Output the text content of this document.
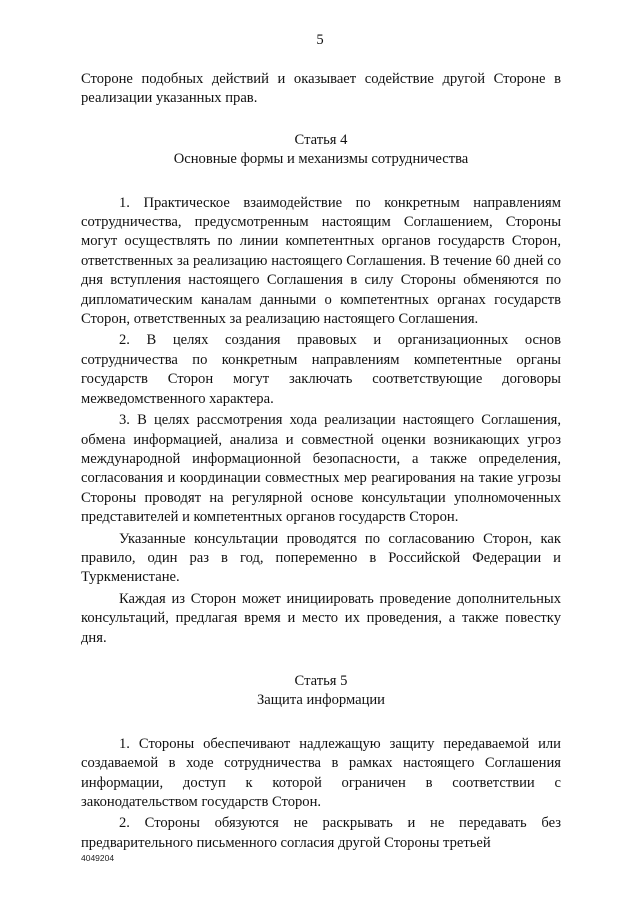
5

Стороне подобных действий и оказывает содействие другой Стороне в реализации указанных прав.

Статья 4
Основные формы и механизмы сотрудничества

1. Практическое взаимодействие по конкретным направлениям сотрудничества, предусмотренным настоящим Соглашением, Стороны могут осуществлять по линии компетентных органов государств Сторон, ответственных за реализацию настоящего Соглашения. В течение 60 дней со дня вступления настоящего Соглашения в силу Стороны обменяются по дипломатическим каналам данными о компетентных органах государств Сторон, ответственных за реализацию настоящего Соглашения.

2. В целях создания правовых и организационных основ сотрудничества по конкретным направлениям компетентные органы государств Сторон могут заключать соответствующие договоры межведомственного характера.

3. В целях рассмотрения хода реализации настоящего Соглашения, обмена информацией, анализа и совместной оценки возникающих угроз международной информационной безопасности, а также определения, согласования и координации совместных мер реагирования на такие угрозы Стороны проводят на регулярной основе консультации уполномоченных представителей и компетентных органов государств Сторон.

Указанные консультации проводятся по согласованию Сторон, как правило, один раз в год, попеременно в Российской Федерации и Туркменистане.

Каждая из Сторон может инициировать проведение дополнительных консультаций, предлагая время и место их проведения, а также повестку дня.

Статья 5
Защита информации

1. Стороны обеспечивают надлежащую защиту передаваемой или создаваемой в ходе сотрудничества в рамках настоящего Соглашения информации, доступ к которой ограничен в соответствии с законодательством государств Сторон.

2. Стороны обязуются не раскрывать и не передавать без предварительного письменного согласия другой Стороны третьей

4049204
